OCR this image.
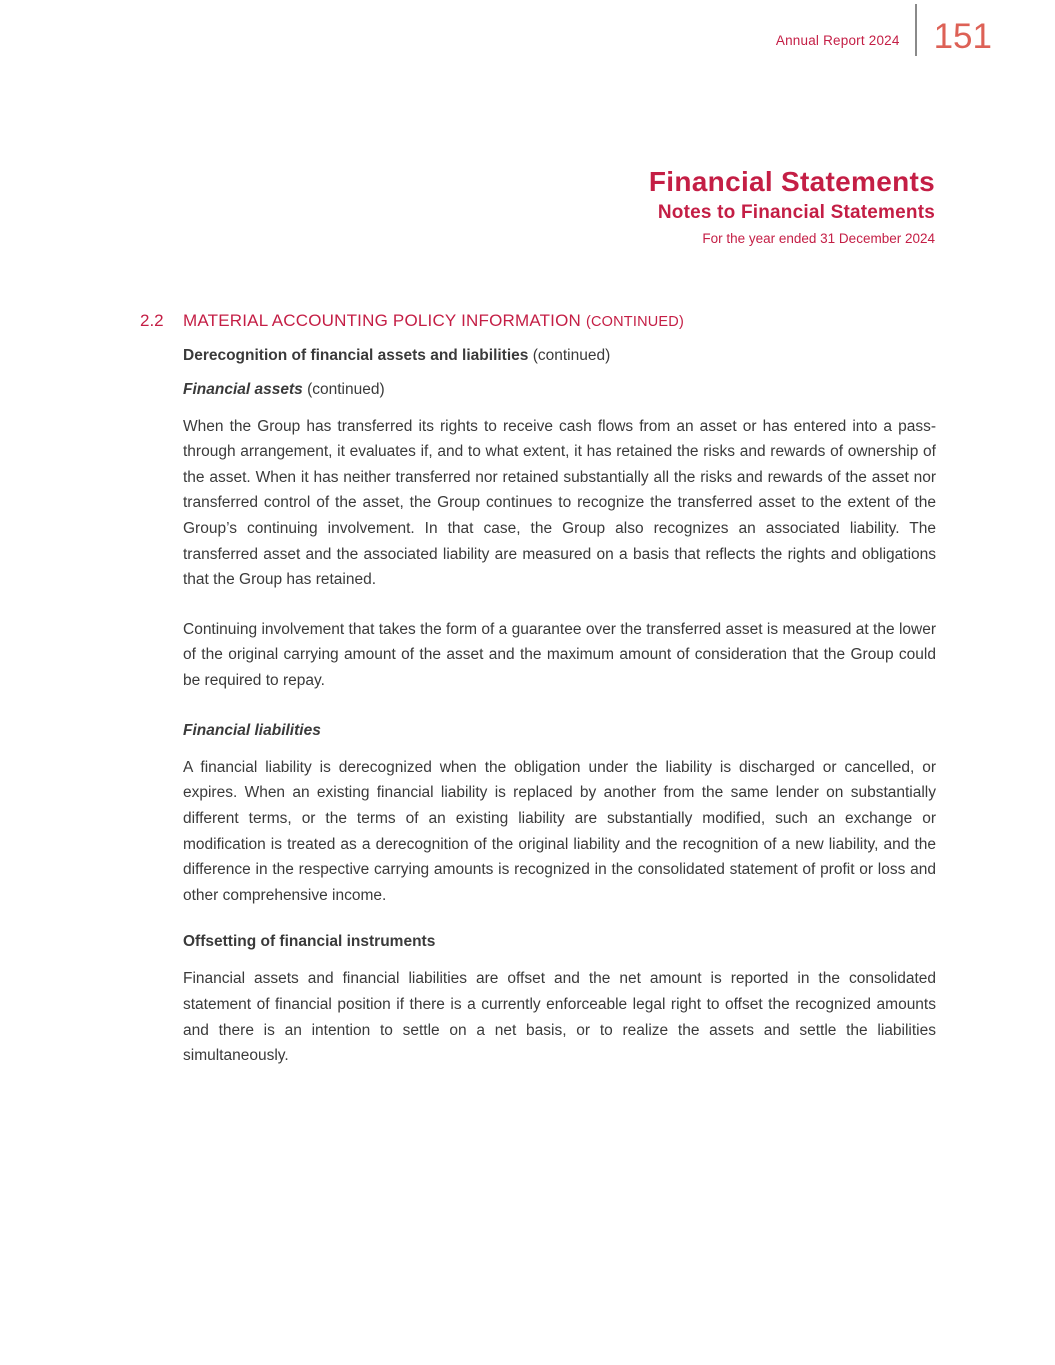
Annual Report 2024 151
Financial Statements
Notes to Financial Statements
For the year ended 31 December 2024
2.2	MATERIAL ACCOUNTING POLICY INFORMATION (CONTINUED)

Derecognition of financial assets and liabilities (continued)

Financial assets (continued)

When the Group has transferred its rights to receive cash flows from an asset or has entered into a pass-through arrangement, it evaluates if, and to what extent, it has retained the risks and rewards of ownership of the asset. When it has neither transferred nor retained substantially all the risks and rewards of the asset nor transferred control of the asset, the Group continues to recognize the transferred asset to the extent of the Group’s continuing involvement. In that case, the Group also recognizes an associated liability. The transferred asset and the associated liability are measured on a basis that reflects the rights and obligations that the Group has retained.

Continuing involvement that takes the form of a guarantee over the transferred asset is measured at the lower of the original carrying amount of the asset and the maximum amount of consideration that the Group could be required to repay.

Financial liabilities

A financial liability is derecognized when the obligation under the liability is discharged or cancelled, or expires. When an existing financial liability is replaced by another from the same lender on substantially different terms, or the terms of an existing liability are substantially modified, such an exchange or modification is treated as a derecognition of the original liability and the recognition of a new liability, and the difference in the respective carrying amounts is recognized in the consolidated statement of profit or loss and other comprehensive income.

Offsetting of financial instruments

Financial assets and financial liabilities are offset and the net amount is reported in the consolidated statement of financial position if there is a currently enforceable legal right to offset the recognized amounts and there is an intention to settle on a net basis, or to realize the assets and settle the liabilities simultaneously.
